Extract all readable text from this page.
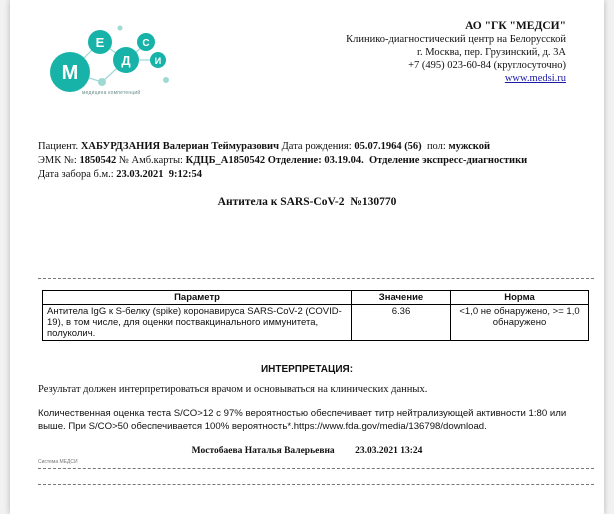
М
Е
Д
С
И
медицина компетенций
АО "ГК "МЕДСИ"
Клинико-диагностический центр на Белорусской
г. Москва, пер. Грузинский, д. 3А
+7 (495) 023-60-84 (круглосуточно)
www.medsi.ru
Пациент. ХАБУРДЗАНИЯ Валериан Теймуразович Дата рождения: 05.07.1964 (56) пол: мужской
ЭМК №: 1850542 № Амб.карты: КДЦБ_А1850542 Отделение: 03.19.04. Отделение экспресс-диагностики
Дата забора б.м.: 23.03.2021 9:12:54
Антитела к SARS-CoV-2  №130770
Параметр	Значение	Норма
Антитела IgG к S-белку (spike) коронавируса SARS-CoV-2 (COVID-19), в том числе, для оценки поствакцинального иммунитета, полуколич.	6.36	<1,0 не обнаружено, >= 1,0 обнаружено
ИНТЕРПРЕТАЦИЯ:
Результат должен интерпретироваться врачом и основываться на клинических данных.
Количественная оценка теста S/CO>12 с 97% вероятностью обеспечивает титр нейтрализующей активности 1:80 или выше. При S/CO>50 обеспечивается 100% вероятность*.https://www.fda.gov/media/136798/download.
Мостобаева Наталья Валерьевна 23.03.2021 13:24
Система МЕДСИ
